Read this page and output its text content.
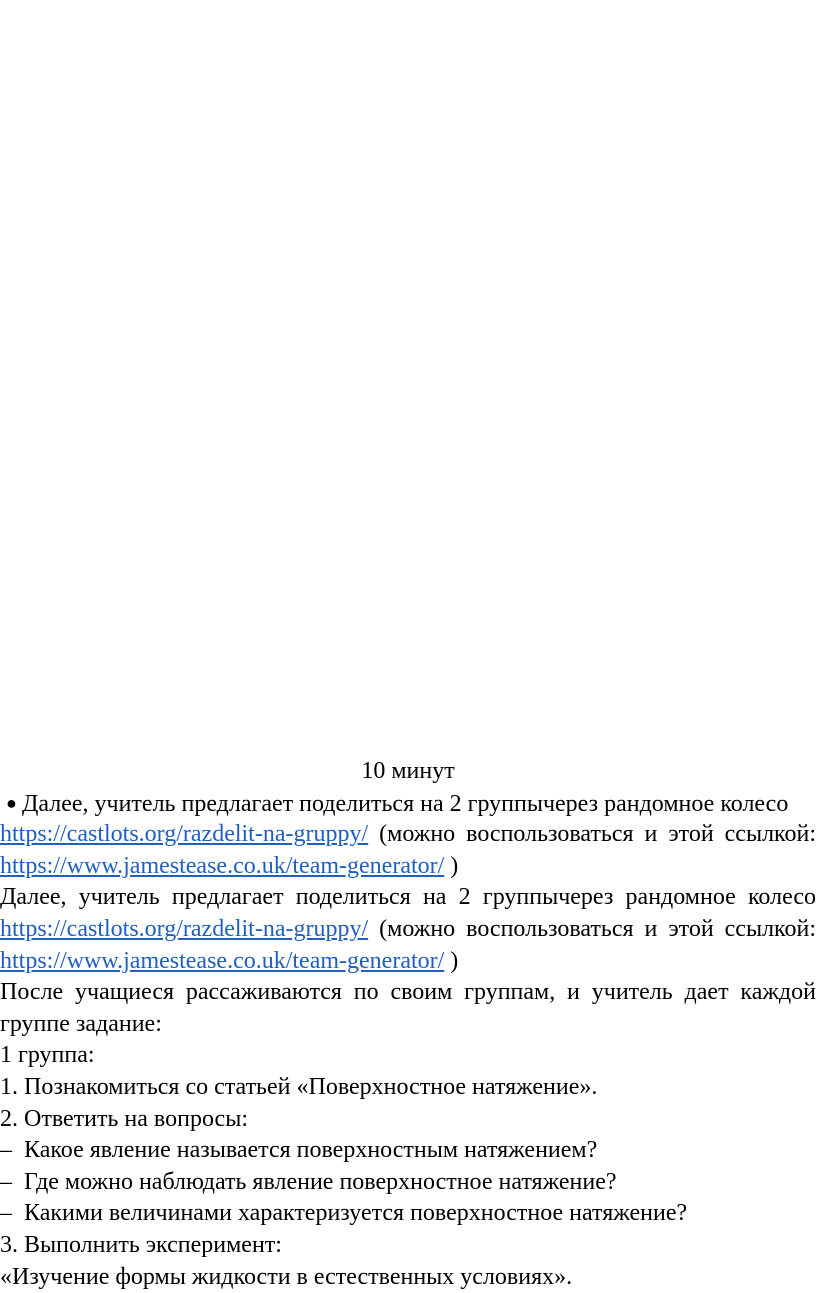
10 минут
● Далее, учитель предлагает поделиться на 2 группычерез рандомное колесо
https://castlots.org/razdelit-na-gruppy/ (можно воспользоваться и этой ссылкой:
https://www.jamestease.co.uk/team-generator/ )
Далее, учитель предлагает поделиться на 2 группычерез рандомное колесо
https://castlots.org/razdelit-na-gruppy/ (можно воспользоваться и этой ссылкой:
https://www.jamestease.co.uk/team-generator/ )
После учащиеся рассаживаются по своим группам, и учитель дает каждой
группе задание:
1 группа:
1. Познакомиться со статьей «Поверхностное натяжение».
2. Ответить на вопросы:
– Какое явление называется поверхностным натяжением?
– Где можно наблюдать явление поверхностное натяжение?
– Какими величинами характеризуется поверхностное натяжение?
3. Выполнить эксперимент:
«Изучение формы жидкости в естественных условиях».
